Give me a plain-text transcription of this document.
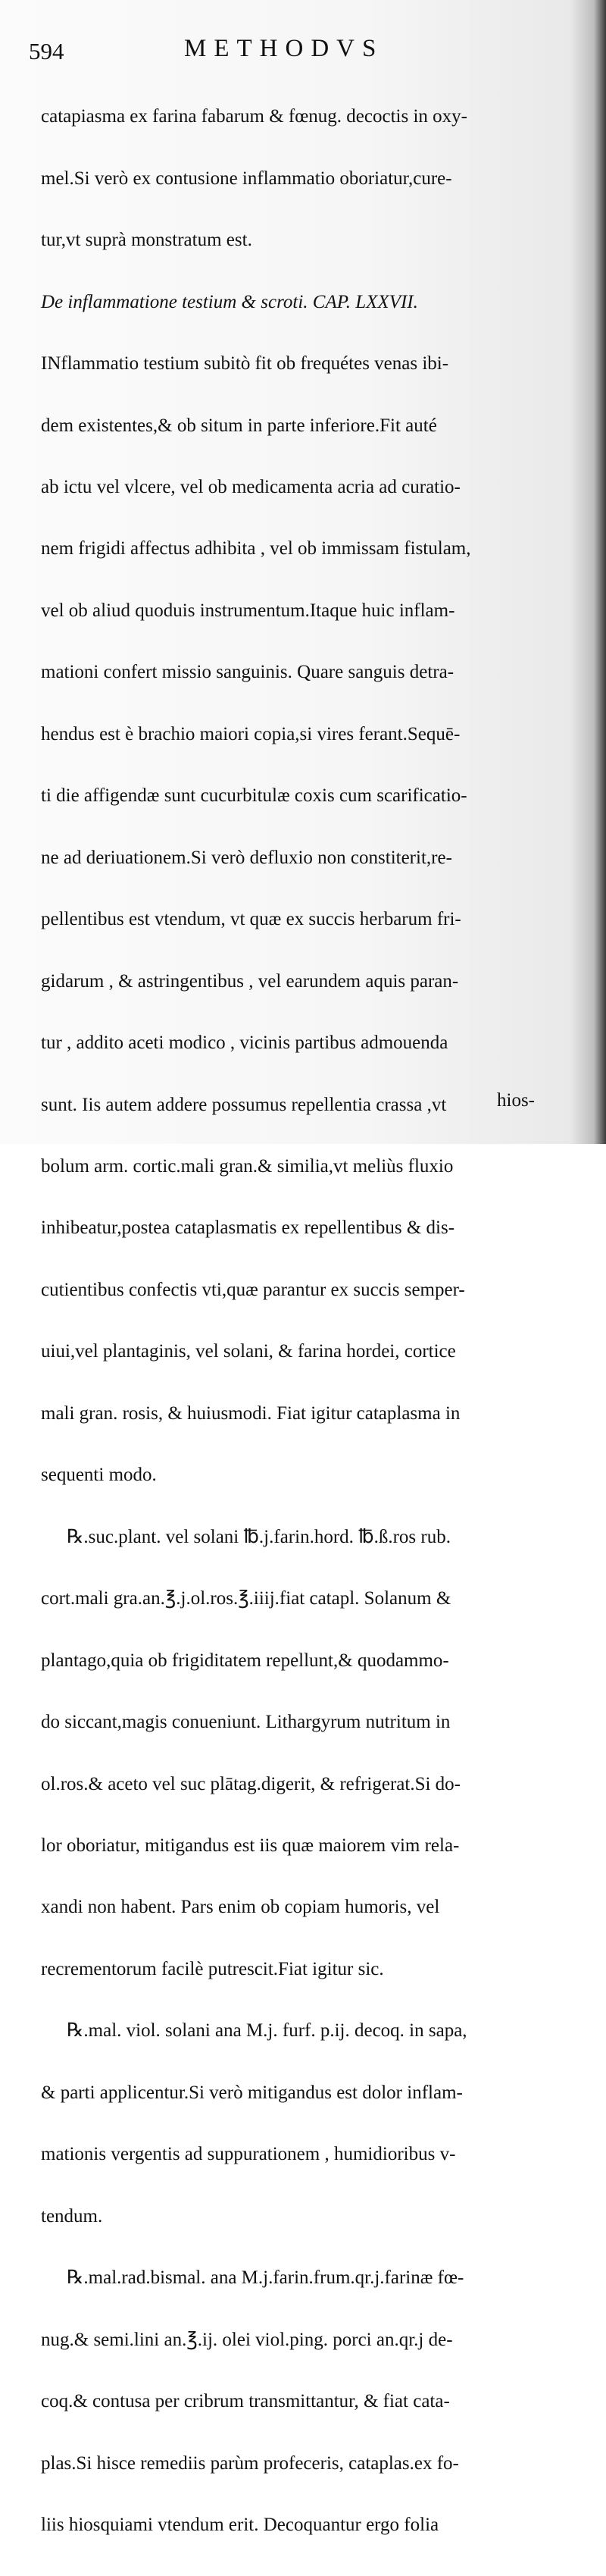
594	METHODVS

catapiasma ex farina fabarum & fœnug. decoctis in oxy-

mel.Si verò ex contusione inflammatio oboriatur,cure-

tur,vt suprà monstratum est.

De inflammatione testium & scroti. CAP. LXXVII.

INflammatio testium subitò fit ob frequétes venas ibi-

dem existentes,& ob situm in parte inferiore.Fit auté

ab ictu vel vlcere, vel ob medicamenta acria ad curatio-

nem frigidi affectus adhibita , vel ob immissam fistulam,

vel ob aliud quoduis instrumentum.Itaque huic inflam-

mationi confert missio sanguinis. Quare sanguis detra-

hendus est è brachio maiori copia,si vires ferant.Sequē-

ti die affigendæ sunt cucurbitulæ coxis cum scarificatio-

ne ad deriuationem.Si verò defluxio non constiterit,re-

pellentibus est vtendum, vt quæ ex succis herbarum fri-

gidarum , & astringentibus , vel earundem aquis paran-

tur , addito aceti modico , vicinis partibus admouenda

sunt. Iis autem addere possumus repellentia crassa ,vt

bolum arm. cortic.mali gran.& similia,vt meliùs fluxio

inhibeatur,postea cataplasmatis ex repellentibus & dis-

cutientibus confectis vti,quæ parantur ex succis semper-

uiui,vel plantaginis, vel solani, & farina hordei, cortice

mali gran. rosis, & huiusmodi. Fiat igitur cataplasma in

sequenti modo.

℞.suc.plant. vel solani ℔.j.farin.hord. ℔.ß.ros rub.

cort.mali gra.an.℥.j.ol.ros.℥.iiij.fiat catapl. Solanum &

plantago,quia ob frigiditatem repellunt,& quodammo-

do siccant,magis conueniunt. Lithargyrum nutritum in

ol.ros.& aceto vel suc plātag.digerit, & refrigerat.Si do-

lor oboriatur, mitigandus est iis quæ maiorem vim rela-

xandi non habent. Pars enim ob copiam humoris, vel

recrementorum facilè putrescit.Fiat igitur sic.

℞.mal. viol. solani ana M.j. furf. p.ij. decoq. in sapa,

& parti applicentur.Si verò mitigandus est dolor inflam-

mationis vergentis ad suppurationem , humidioribus v-

tendum.

℞.mal.rad.bismal. ana M.j.farin.frum.qr.j.farinæ fœ-

nug.& semi.lini an.℥.ij. olei viol.ping. porci an.qr.j de-

coq.& contusa per cribrum transmittantur, & fiat cata-

plas.Si hisce remediis parùm profeceris, cataplas.ex fo-

liis hiosquiami vtendum erit. Decoquantur ergo folia

hios-
